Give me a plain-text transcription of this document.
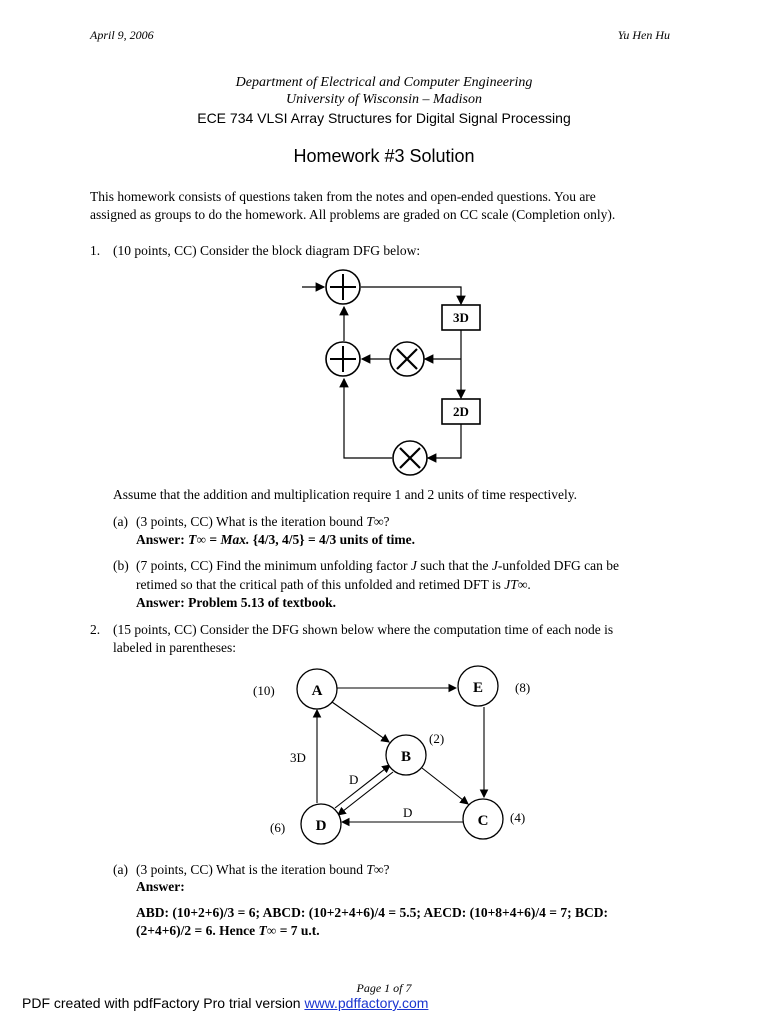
April 9, 2006	Yu Hen Hu
Department of Electrical and Computer Engineering
University of Wisconsin – Madison
ECE 734 VLSI Array Structures for Digital Signal Processing
Homework #3 Solution
This homework consists of questions taken from the notes and open-ended questions. You are
assigned as groups to do the homework. All problems are graded on CC scale (Completion only).
1. (10 points, CC) Consider the block diagram DFG below:
3D
2D
Assume that the addition and multiplication require 1 and 2 units of time respectively.
(a) (3 points, CC) What is the iteration bound T∞?
Answer: T∞ = Max. {4/3, 4/5} = 4/3 units of time.
(b) (7 points, CC) Find the minimum unfolding factor J such that the J-unfolded DFG can be
retimed so that the critical path of this unfolded and retimed DFT is JT∞.
Answer: Problem 5.13 of textbook.
2. (15 points, CC) Consider the DFG shown below where the computation time of each node is
labeled in parentheses:
A	E
B
C
D
(10)	(8)
(2)
(4)
(6)
3D
D
D
(a) (3 points, CC) What is the iteration bound T∞?
Answer:
ABD: (10+2+6)/3 = 6; ABCD: (10+2+4+6)/4 = 5.5; AECD: (10+8+4+6)/4 = 7; BCD:
(2+4+6)/2 = 6. Hence T∞ = 7 u.t.
Page 1 of 7
PDF created with pdfFactory Pro trial version www.pdffactory.com
